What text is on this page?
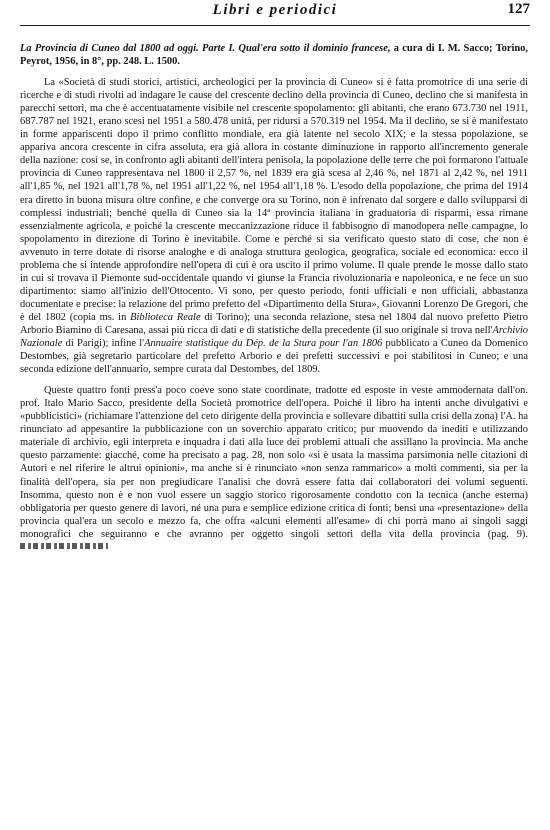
Libri e periodici	127
La Provincia di Cuneo dal 1800 ad oggi. Parte I. Qual'era sotto il dominio francese, a cura di I. M. Sacco; Torino, Peyrot, 1956, in 8°, pp. 248. L. 1500.

La «Società di studi storici, artistici, archeologici per la provincia di Cuneo» si è fatta promotrice di una serie di ricerche e di studi rivolti ad indagare le cause del crescente declino della provincia di Cuneo, declino che si manifesta in parecchi settori, ma che è accentuatamente visibile nel crescente spopolamento: gli abitanti, che erano 673.730 nel 1911, 687.787 nel 1921, erano scesi nel 1951 a 580.478 unità, per ridursi a 570.319 nel 1954. Ma il declino, se si è manifestato in forme appariscenti dopo il primo conflitto mondiale, era già latente nel secolo XIX; e la stessa popolazione, se appariva ancora crescente in cifra assoluta, era già allora in costante diminuzione in rapporto all'incremento generale della nazione: così se, in confronto agli abitanti dell'intera penisola, la popolazione delle terre che poi formarono l'attuale provincia di Cuneo rappresentava nel 1800 il 2,57 %, nel 1839 era già scesa al 2,46 %, nel 1871 al 2,42 %, nel 1911 all'1,85 %, nel 1921 all'1,78 %, nel 1951 all'1,22 %, nel 1954 all'1,18 %. L'esodo della popolazione, che prima del 1914 era diretto in buona misura oltre confine, e che converge ora su Torino, non è infrenato dal sorgere e dallo svilupparsi di complessi industriali; benché quella di Cuneo sia la 14ª provincia italiana in graduatoria di risparmi, essa rimane essenzialmente agricola, e poiché la crescente meccanizzazione riduce il fabbisogno di manodopera nelle campagne, lo spopolamento in direzione di Torino è inevitabile. Come e perché si sia verificato questo stato di cose, che non è avvenuto in terre dotate di risorse analoghe e di analoga struttura geologica, geografica, sociale ed economica: ecco il problema che si intende approfondire nell'opera di cui è ora uscito il primo volume. Il quale prende le mosse dallo stato in cui si trovava il Piemonte sud-occidentale quando vi giunse la Francia rivoluzionaria e napoleonica, e ne fece un suo dipartimento: siamo all'inizio dell'Ottocento. Vi sono, per questo periodo, fonti ufficiali e non ufficiali, abbastanza documentate e precise: la relazione del primo prefetto del «Dipartimento della Stura», Giovanni Lorenzo De Gregori, che è del 1802 (copia ms. in Biblioteca Reale di Torino); una seconda relazione, stesa nel 1804 dal nuovo prefetto Pietro Arborio Biamino di Caresana, assai più ricca di dati e di statistiche della precedente (il suo originale si trova nell'Archivio Nazionale di Parigi); infine l'Annuaire statistique du Dép. de la Stura pour l'an 1806 pubblicato a Cuneo da Domenico Destombes, già segretario particolare del prefetto Arborio e dei prefetti successivi e poi stabilitosi in Cuneo; e una seconda edizione dell'annuario, sempre curata dal Destombes, del 1809.

Queste quattro fonti press'a poco coeve sono state coordinate, tradotte ed esposte in veste ammodernata dall'on. prof. Italo Mario Sacco, presidente della Società promotrice dell'opera. Poiché il libro ha intenti anche divulgativi e «pubblicistici» (richiamare l'attenzione del ceto dirigente della provincia e sollevare dibattiti sulla crisi della zona) l'A. ha rinunciato ad appesantire la pubblicazione con un soverchio apparato critico; pur muovendo da inediti e utilizzando materiale di archivio, egli interpreta e inquadra i dati alla luce dei problemi attuali che assillano la provincia. Ma anche questo parzamente: giacché, come ha precisato a pag. 28, non solo «si è usata la massima parsimonia nelle citazioni di Autori e nel riferire le altrui opinioni», ma anche si è rinunciato «non senza rammarico» a molti commenti, sia per la finalità dell'opera, sia per non pregiudicare l'analisi che dovrà essere fatta dai collaboratori dei volumi seguenti. Insomma, questo non è e non vuol essere un saggio storico rigorosamente condotto con la tecnica (anche esterna) obbligatoria per questo genere di lavori, né una pura e semplice edizione critica di fonti; bensì una «presentazione» della provincia qual'era un secolo e mezzo fa, che offra «alcuni elementi all'esame» di chi porrà mano ai singoli saggi monografici che seguiranno e che avranno per oggetto singoli settori della vita della provincia (pag. 9).
